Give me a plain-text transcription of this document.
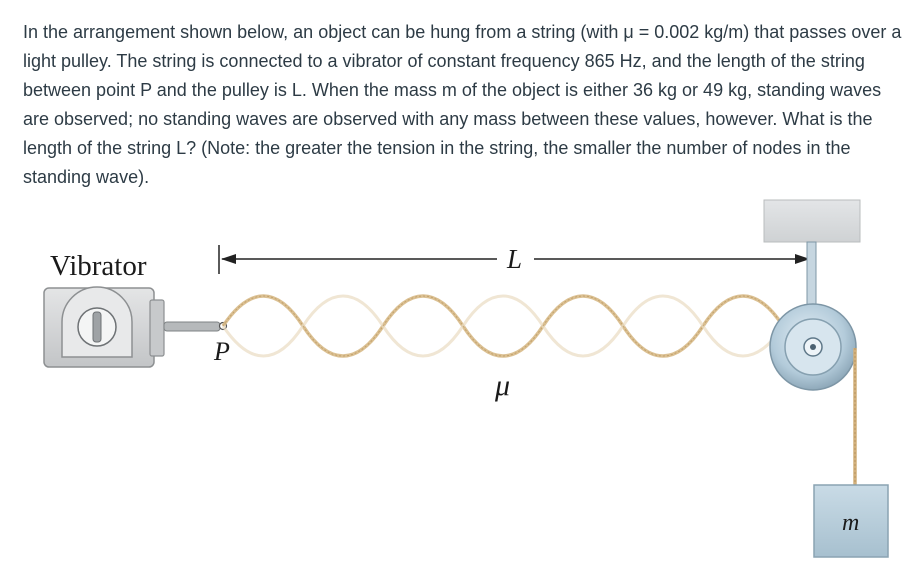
In the arrangement shown below, an object can be hung from a string (with μ = 0.002 kg/m) that passes over a light pulley. The string is connected to a vibrator of constant frequency 865 Hz, and the length of the string between point P and the pulley is L. When the mass m of the object is either 36 kg or 49 kg, standing waves are observed; no standing waves are observed with any mass between these values, however. What is the length of the string L? (Note: the greater the tension in the string, the smaller the number of nodes in the standing wave).

Vibrator
P
L
m
μ
